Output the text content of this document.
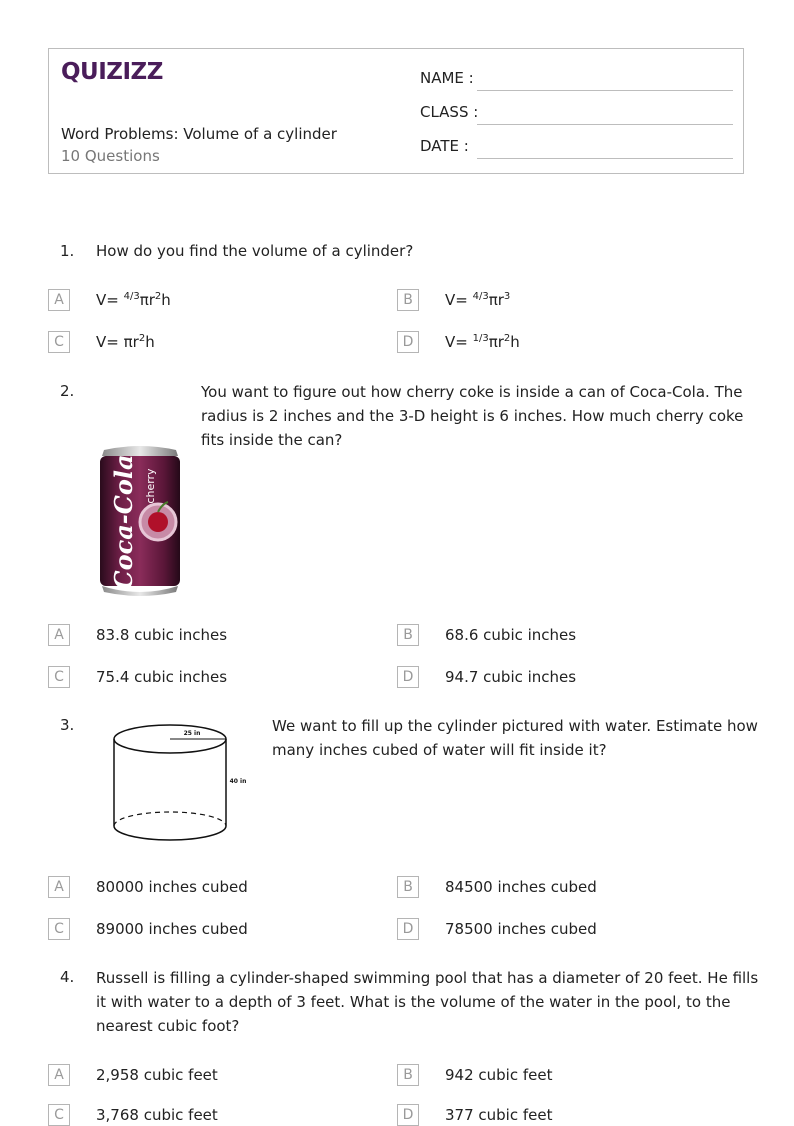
QUIZIZZ
Word Problems: Volume of a cylinder
10 Questions
NAME :
CLASS :
DATE :
1. How do you find the volume of a cylinder?
A	$V= ^{4/3}\pi r^2h$	B	$V= ^{4/3}\pi r^3$
C	$V= \pi r^2h$	D	$V= ^{1/3}\pi r^2h$
2.	You want to figure out how cherry coke is inside a can of Coca-Cola. The
radius is 2 inches and the 3-D height is 6 inches. How much cherry coke
fits inside the can?
Coca-Cola cherry
A	83.8 cubic inches	B	68.6 cubic inches
C	75.4 cubic inches	D	94.7 cubic inches
3.	We want to fill up the cylinder pictured with water. Estimate how
many inches cubed of water will fit inside it?
25 in
40 in
A	80000 inches cubed	B	84500 inches cubed
C	89000 inches cubed	D	78500 inches cubed
4. Russell is filling a cylinder-shaped swimming pool that has a diameter of 20 feet. He fills
it with water to a depth of 3 feet. What is the volume of the water in the pool, to the
nearest cubic foot?
A	2,958 cubic feet	B	942 cubic feet
C	3,768 cubic feet	D	377 cubic feet
